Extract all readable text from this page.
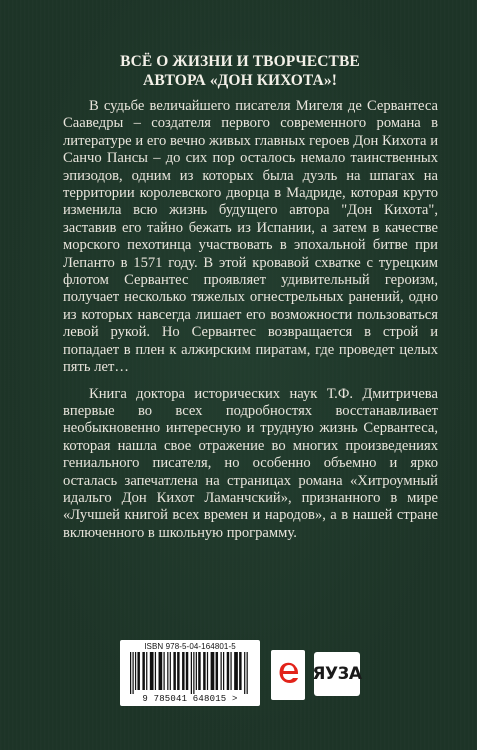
ВСЁ О ЖИЗНИ И ТВОРЧЕСТВЕ
АВТОРА «ДОН КИХОТА»!

В судьбе величайшего писателя Мигеля де Сервантеса Сааведры – создателя первого современного романа в литературе и его вечно живых главных героев Дон Кихота и Санчо Пансы – до сих пор осталось немало таинственных эпизодов, одним из которых была дуэль на шпагах на территории королевского дворца в Мадриде, которая круто изменила всю жизнь будущего автора "Дон Кихота", заставив его тайно бежать из Испании, а затем в качестве морского пехотинца участвовать в эпохальной битве при Лепанто в 1571 году. В этой кровавой схватке с турецким флотом Сервантес проявляет удивительный героизм, получает несколько тяжелых огнестрельных ранений, одно из которых навсегда лишает его возможности пользоваться левой рукой. Но Сервантес возвращается в строй и попадает в плен к алжирским пиратам, где проведет целых пять лет…

Книга доктора исторических наук Т.Ф. Дмитричева впервые во всех подробностях восстанавливает необыкновенно интересную и трудную жизнь Сервантеса, которая нашла свое отражение во многих произведениях гениального писателя, но особенно объемно и ярко осталась запечатлена на страницах романа «Хитроумный идальго Дон Кихот Ламанчский», признанного в мире «Лучшей книгой всех времен и народов», а в нашей стране включенного в школьную программу.

ISBN 978-5-04-164801-5
9 785041 648015 >
ЯУ3А
